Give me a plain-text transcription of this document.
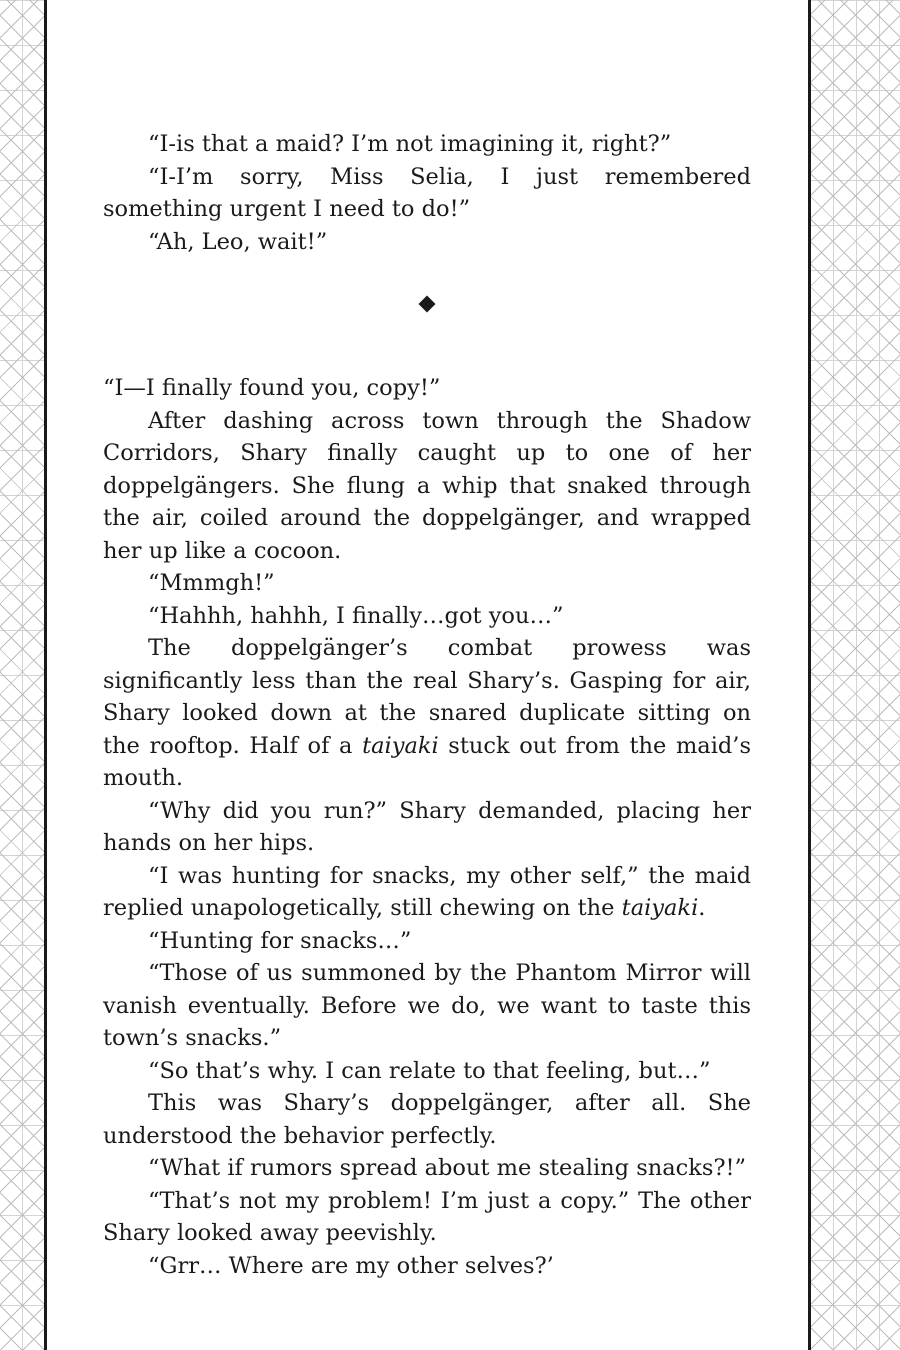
“I-is that a maid? I’m not imagining it, right?”

“I-I’m sorry, Miss Selia, I just remembered something urgent I need to do!”

“Ah, Leo, wait!”

“I—I finally found you, copy!”

After dashing across town through the Shadow Corridors, Shary finally caught up to one of her doppelgängers. She flung a whip that snaked through the air, coiled around the doppelgänger, and wrapped her up like a cocoon.

“Mmmgh!”

“Hahhh, hahhh, I finally…got you…”

The doppelgänger’s combat prowess was significantly less than the real Shary’s. Gasping for air, Shary looked down at the snared duplicate sitting on the rooftop. Half of a taiyaki stuck out from the maid’s mouth.

“Why did you run?” Shary demanded, placing her hands on her hips.

“I was hunting for snacks, my other self,” the maid replied unapologetically, still chewing on the taiyaki.

“Hunting for snacks…”

“Those of us summoned by the Phantom Mirror will vanish eventually. Before we do, we want to taste this town’s snacks.”

“So that’s why. I can relate to that feeling, but…”

This was Shary’s doppelgänger, after all. She understood the behavior perfectly.

“What if rumors spread about me stealing snacks?!”

“That’s not my problem! I’m just a copy.” The other Shary looked away peevishly.

“Grr… Where are my other selves?’
